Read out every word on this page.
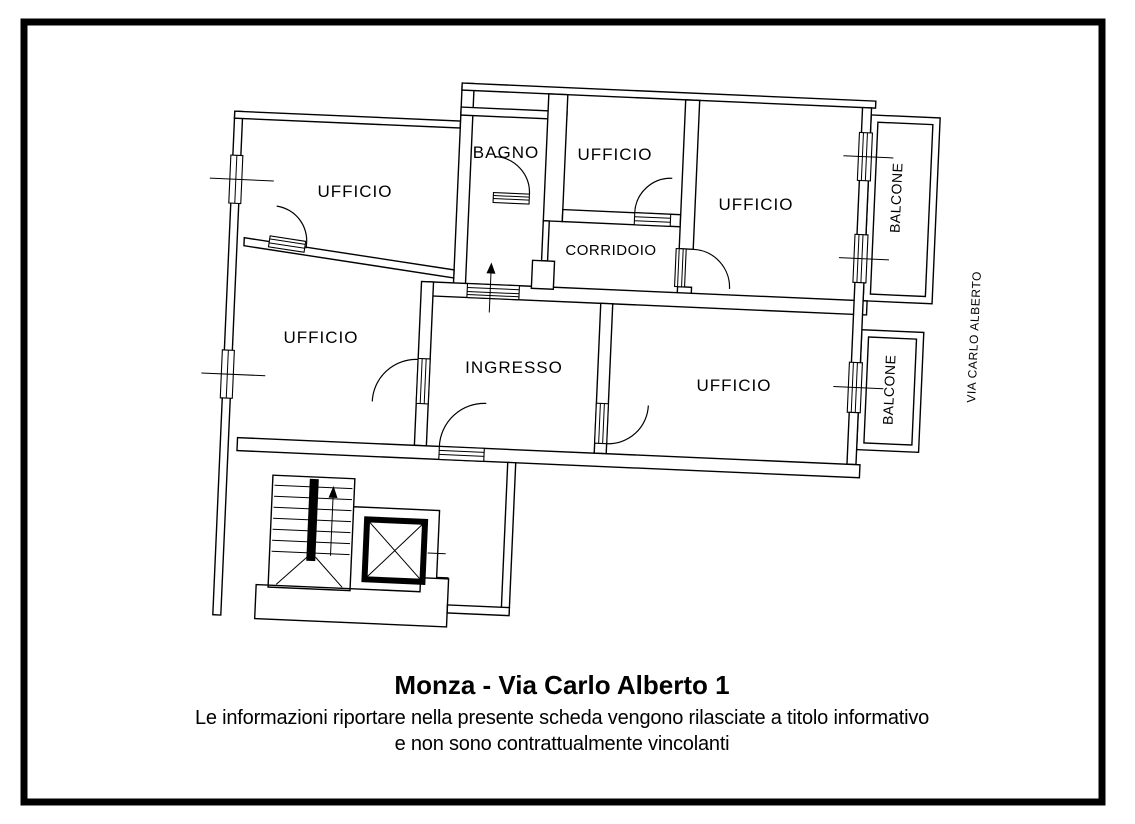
UFFICIO
BAGNO UFFICIO
UFFICIO
CORRIDOIO
UFFICIO
INGRESSO
UFFICIO
BALCONE
BALCONE	VIA CARLO ALBERTO
Monza - Via Carlo Alberto 1
Le informazioni riportare nella presente scheda vengono rilasciate a titolo informativo
e non sono contrattualmente vincolanti
